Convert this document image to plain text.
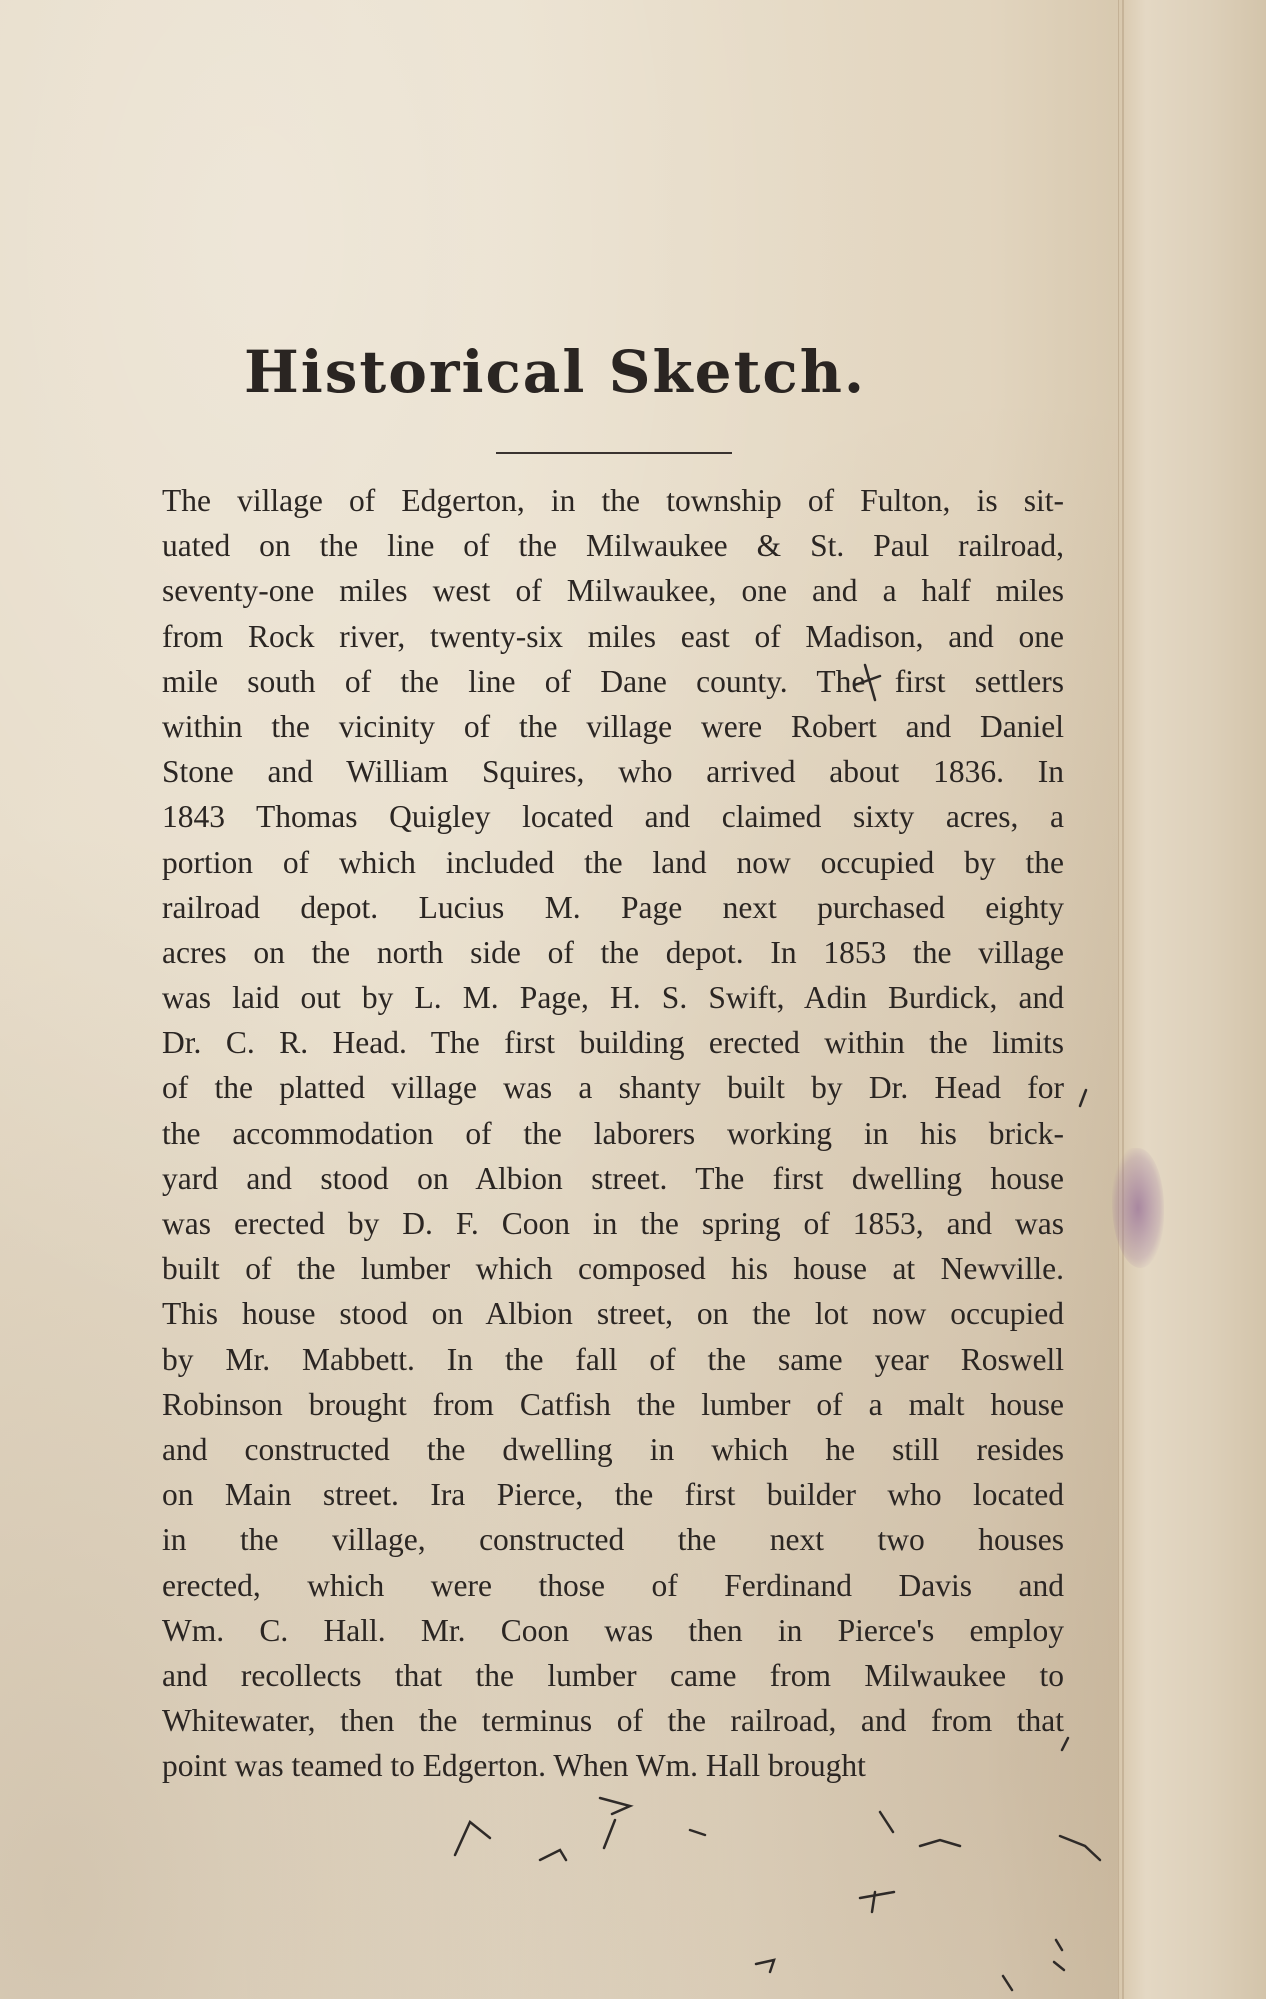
Historical Sketch.
The village of Edgerton, in the township of Fulton, is sit-
uated on the line of the Milwaukee & St. Paul railroad,
seventy-one miles west of Milwaukee, one and a half miles
from Rock river, twenty-six miles east of Madison, and one
mile south of the line of Dane county. The first settlers
within the vicinity of the village were Robert and Daniel
Stone and William Squires, who arrived about 1836. In
1843 Thomas Quigley located and claimed sixty acres, a
portion of which included the land now occupied by the
railroad depot. Lucius M. Page next purchased eighty
acres on the north side of the depot. In 1853 the village
was laid out by L. M. Page, H. S. Swift, Adin Burdick, and
Dr. C. R. Head. The first building erected within the limits
of the platted village was a shanty built by Dr. Head for
the accommodation of the laborers working in his brick-
yard and stood on Albion street. The first dwelling house
was erected by D. F. Coon in the spring of 1853, and was
built of the lumber which composed his house at Newville.
This house stood on Albion street, on the lot now occupied
by Mr. Mabbett. In the fall of the same year Roswell
Robinson brought from Catfish the lumber of a malt house
and constructed the dwelling in which he still resides
on Main street. Ira Pierce, the first builder who located
in the village, constructed the next two houses
erected, which were those of Ferdinand Davis and
Wm. C. Hall. Mr. Coon was then in Pierce's employ
and recollects that the lumber came from Milwaukee to
Whitewater, then the terminus of the railroad, and from that
point was teamed to Edgerton. When Wm. Hall brought
